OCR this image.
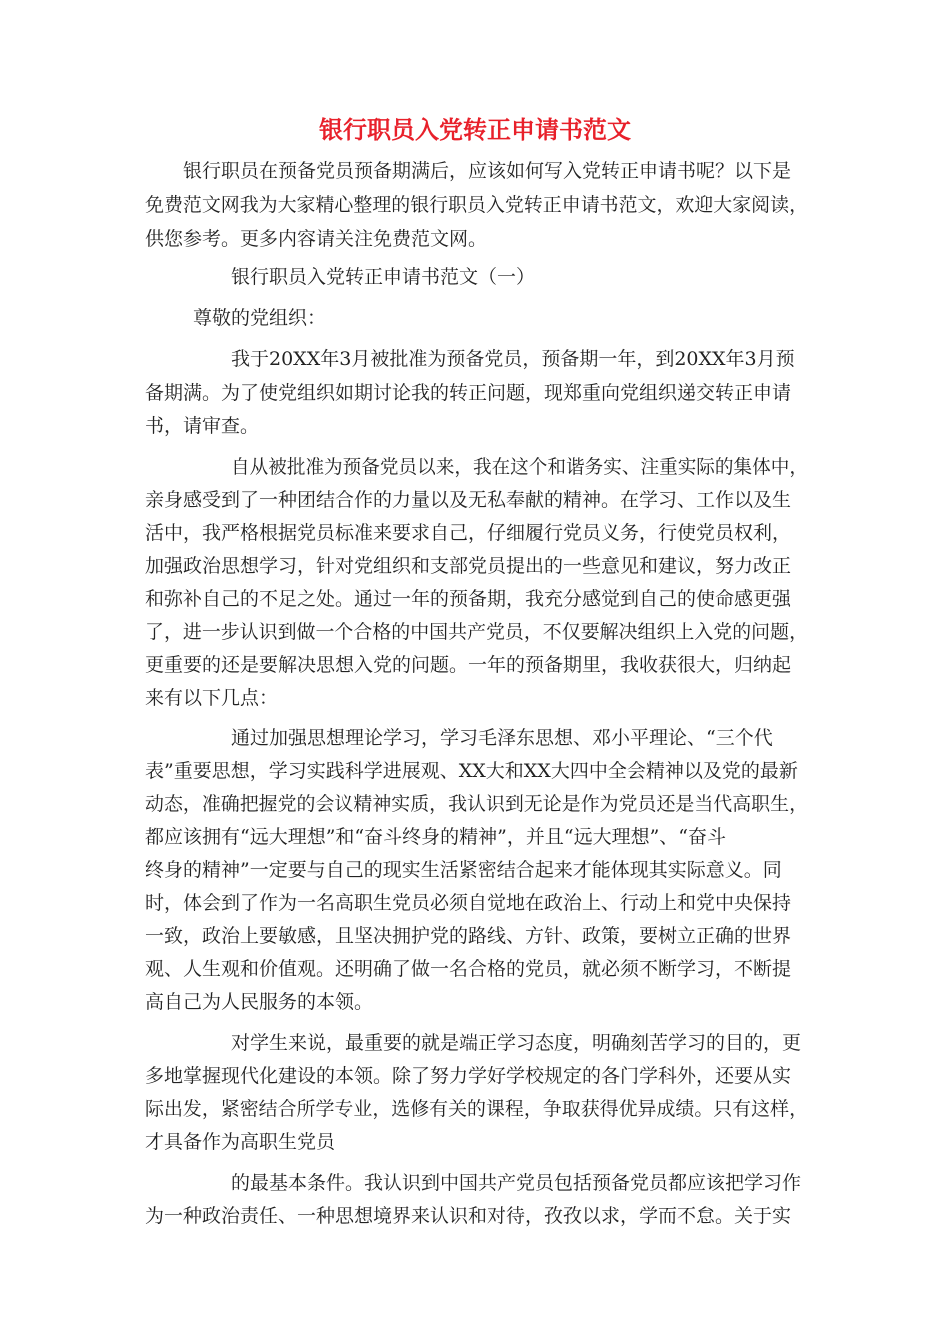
银行职员入党转正申请书范文

银行职员在预备党员预备期满后，应该如何写入党转正申请书呢？以下是

免费范文网我为大家精心整理的银行职员入党转正申请书范文，欢迎大家阅读，

供您参考。更多内容请关注免费范文网。

银行职员入党转正申请书范文（一）

尊敬的党组织：

我于20XX年3月被批准为预备党员，预备期一年，到20XX年3月预

备期满。为了使党组织如期讨论我的转正问题，现郑重向党组织递交转正申请

书，请审查。

自从被批准为预备党员以来，我在这个和谐务实、注重实际的集体中，

亲身感受到了一种团结合作的力量以及无私奉献的精神。在学习、工作以及生

活中，我严格根据党员标准来要求自己，仔细履行党员义务，行使党员权利，

加强政治思想学习，针对党组织和支部党员提出的一些意见和建议，努力改正

和弥补自己的不足之处。通过一年的预备期，我充分感觉到自己的使命感更强

了，进一步认识到做一个合格的中国共产党员，不仅要解决组织上入党的问题，

更重要的还是要解决思想入党的问题。一年的预备期里，我收获很大，归纳起

来有以下几点：

通过加强思想理论学习，学习毛泽东思想、邓小平理论、“三个代

表”重要思想，学习实践科学进展观、XX大和XX大四中全会精神以及党的最新

动态，准确把握党的会议精神实质，我认识到无论是作为党员还是当代高职生，

都应该拥有“远大理想”和“奋斗终身的精神”，并且“远大理想”、“奋斗

终身的精神”一定要与自己的现实生活紧密结合起来才能体现其实际意义。同

时，体会到了作为一名高职生党员必须自觉地在政治上、行动上和党中央保持

一致，政治上要敏感，且坚决拥护党的路线、方针、政策，要树立正确的世界

观、人生观和价值观。还明确了做一名合格的党员，就必须不断学习，不断提

高自己为人民服务的本领。

对学生来说，最重要的就是端正学习态度，明确刻苦学习的目的，更

多地掌握现代化建设的本领。除了努力学好学校规定的各门学科外，还要从实

际出发，紧密结合所学专业，选修有关的课程，争取获得优异成绩。只有这样，

才具备作为高职生党员

的最基本条件。我认识到中国共产党员包括预备党员都应该把学习作

为一种政治责任、一种思想境界来认识和对待，孜孜以求，学而不怠。关于实
